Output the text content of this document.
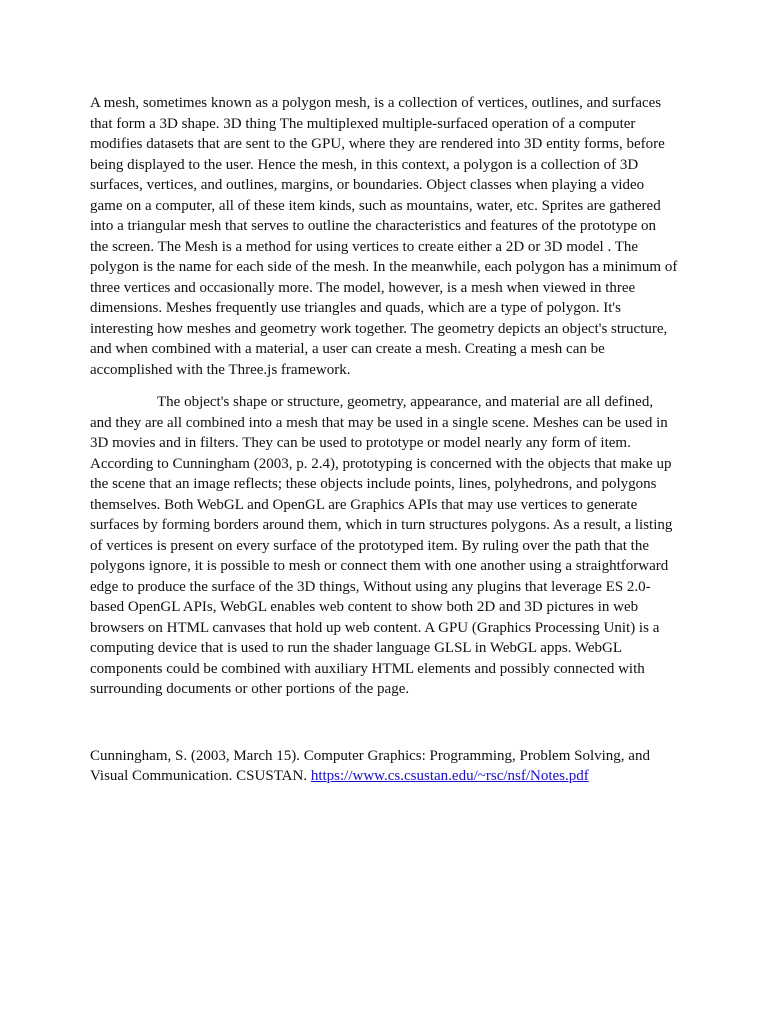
A mesh, sometimes known as a polygon mesh, is a collection of vertices, outlines, and surfaces that form a 3D shape. 3D thing The multiplexed multiple-surfaced operation of a computer modifies datasets that are sent to the GPU, where they are rendered into 3D entity forms, before being displayed to the user. Hence the mesh, in this context, a polygon is a collection of 3D surfaces, vertices, and outlines, margins, or boundaries. Object classes when playing a video game on a computer, all of these item kinds, such as mountains, water, etc. Sprites are gathered into a triangular mesh that serves to outline the characteristics and features of the prototype on the screen. The Mesh is a method for using vertices to create either a 2D or 3D model . The polygon is the name for each side of the mesh. In the meanwhile, each polygon has a minimum of three vertices and occasionally more. The model, however, is a mesh when viewed in three dimensions. Meshes frequently use triangles and quads, which are a type of polygon. It's interesting how meshes and geometry work together. The geometry depicts an object's structure, and when combined with a material, a user can create a mesh. Creating a mesh can be accomplished with the Three.js framework.

The object's shape or structure, geometry, appearance, and material are all defined, and they are all combined into a mesh that may be used in a single scene. Meshes can be used in 3D movies and in filters. They can be used to prototype or model nearly any form of item. According to Cunningham (2003, p. 2.4), prototyping is concerned with the objects that make up the scene that an image reflects; these objects include points, lines, polyhedrons, and polygons themselves. Both WebGL and OpenGL are Graphics APIs that may use vertices to generate surfaces by forming borders around them, which in turn structures polygons. As a result, a listing of vertices is present on every surface of the prototyped item. By ruling over the path that the polygons ignore, it is possible to mesh or connect them with one another using a straightforward edge to produce the surface of the 3D things, Without using any plugins that leverage ES 2.0-based OpenGL APIs, WebGL enables web content to show both 2D and 3D pictures in web browsers on HTML canvases that hold up web content. A GPU (Graphics Processing Unit) is a computing device that is used to run the shader language GLSL in WebGL apps. WebGL components could be combined with auxiliary HTML elements and possibly connected with surrounding documents or other portions of the page.

Cunningham, S. (2003, March 15). Computer Graphics: Programming, Problem Solving, and Visual Communication. CSUSTAN. https://www.cs.csustan.edu/~rsc/nsf/Notes.pdf
